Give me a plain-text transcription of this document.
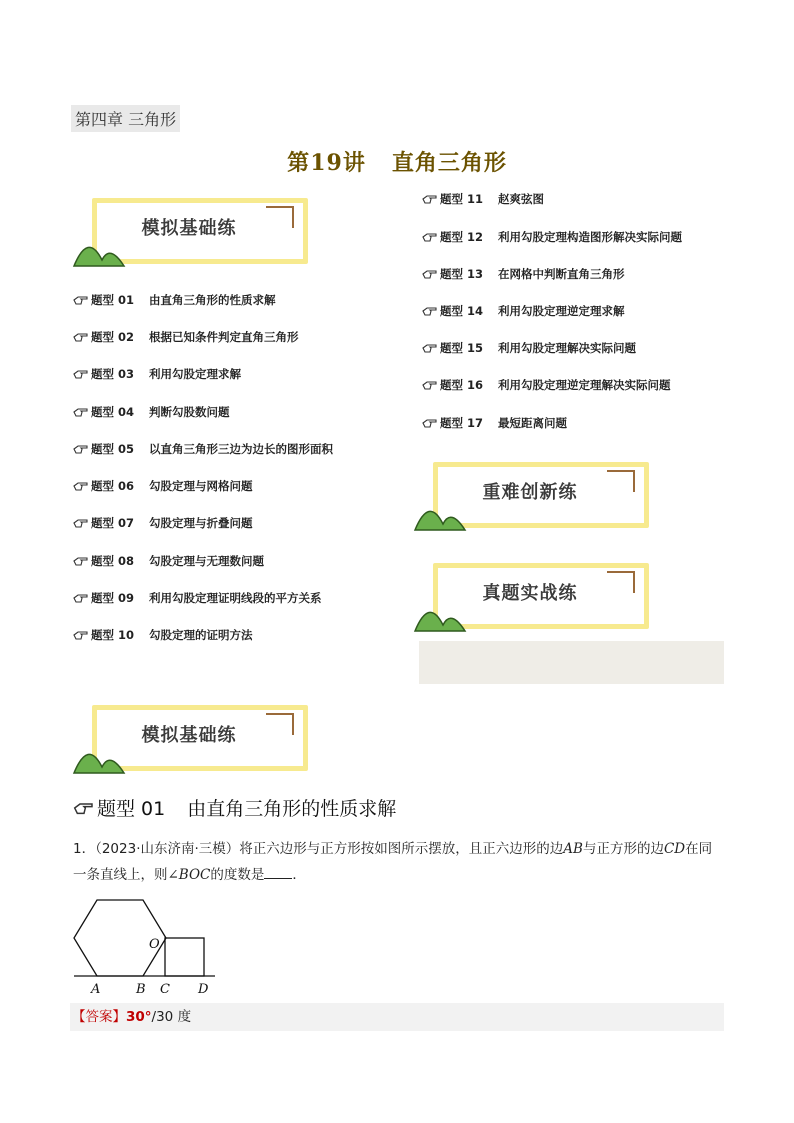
第四章 三角形
第19讲 直角三角形
模拟基础练
题型 01	由直角三角形的性质求解
题型 02	根据已知条件判定直角三角形
题型 03	利用勾股定理求解
题型 04	判断勾股数问题
题型 05	以直角三角形三边为边长的图形面积
题型 06	勾股定理与网格问题
题型 07	勾股定理与折叠问题
题型 08	勾股定理与无理数问题
题型 09	利用勾股定理证明线段的平方关系
题型 10	勾股定理的证明方法
题型 11	赵爽弦图
题型 12	利用勾股定理构造图形解决实际问题
题型 13	在网格中判断直角三角形
题型 14	利用勾股定理逆定理求解
题型 15	利用勾股定理解决实际问题
题型 16	利用勾股定理逆定理解决实际问题
题型 17	最短距离问题
重难创新练
真题实战练
模拟基础练
题型 01 由直角三角形的性质求解
1．（2023·山东济南·三模）将正六边形与正方形按如图所示摆放，且正六边形的边AB与正方形的边CD在同一条直线上，则∠BOC的度数是 ．
O
A	B C D
【答案】30°/30 度
